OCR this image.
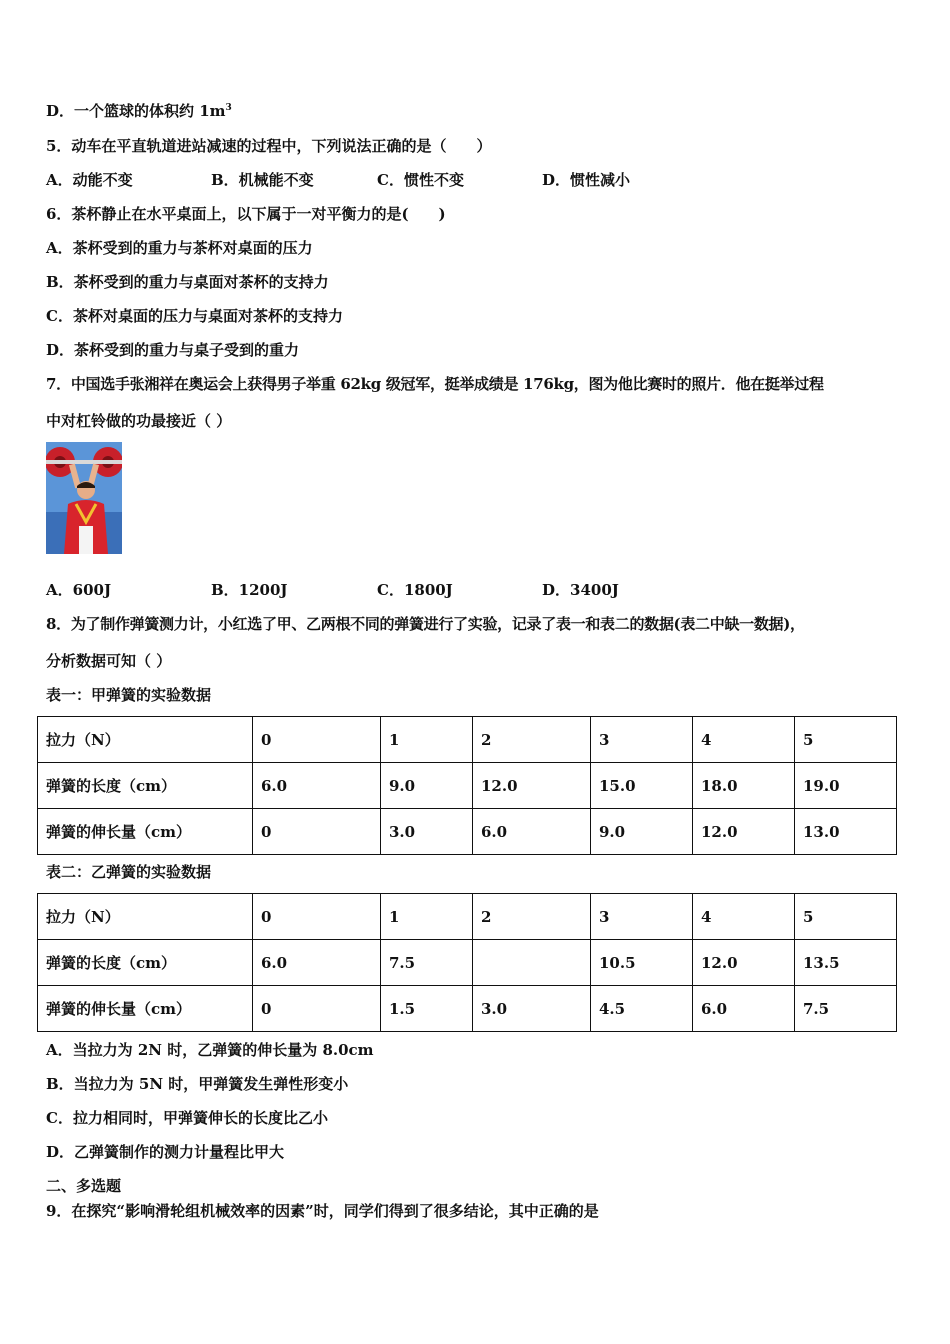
D．一个篮球的体积约 $1m^3$
5．动车在平直轨道进站减速的过程中，下列说法正确的是（　　）
A．动能不变	B．机械能不变	C．惯性不变	D．惯性减小
6．茶杯静止在水平桌面上，以下属于一对平衡力的是(　　)
A．茶杯受到的重力与茶杯对桌面的压力
B．茶杯受到的重力与桌面对茶杯的支持力
C．茶杯对桌面的压力与桌面对茶杯的支持力
D．茶杯受到的重力与桌子受到的重力
7．中国选手张湘祥在奥运会上获得男子举重 62kg 级冠军，挺举成绩是 176kg，图为他比赛时的照片．他在挺举过程
中对杠铃做的功最接近（ ）
A．600J	B．1200J	C．1800J	D．3400J
8．为了制作弹簧测力计，小红选了甲、乙两根不同的弹簧进行了实验，记录了表一和表二的数据(表二中缺一数据)，
分析数据可知（ ）
表一：甲弹簧的实验数据
拉力（N）	0	1	2	3	4	5
弹簧的长度（cm）	6.0	9.0	12.0	15.0	18.0	19.0
弹簧的伸长量（cm）	0	3.0	6.0	9.0	12.0	13.0
表二：乙弹簧的实验数据
拉力（N）	0	1	2	3	4	5
弹簧的长度（cm）	6.0	7.5		10.5	12.0	13.5
弹簧的伸长量（cm）	0	1.5	3.0	4.5	6.0	7.5
A．当拉力为 2N 时，乙弹簧的伸长量为 8.0cm
B．当拉力为 5N 时，甲弹簧发生弹性形变小
C．拉力相同时，甲弹簧伸长的长度比乙小
D．乙弹簧制作的测力计量程比甲大
二、多选题
9．在探究“影响滑轮组机械效率的因素”时，同学们得到了很多结论，其中正确的是
